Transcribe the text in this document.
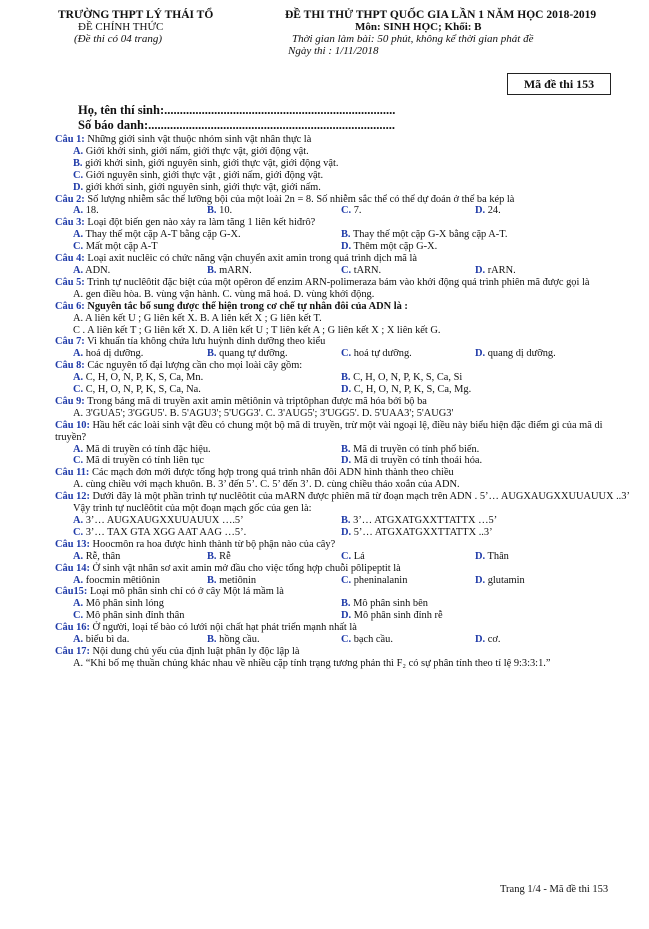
TRƯỜNG THPT LÝ THÁI TỔ
ĐỀ CHÍNH THỨC
(Đề thi có 04 trang)
ĐỀ THI THỬ THPT QUỐC GIA LẦN 1 NĂM HỌC 2018-2019
Môn: SINH HỌC; Khối: B
Thời gian làm bài: 50 phút, không kể thời gian phát đề
Ngày thi : 1/11/2018
Mã đề thi 153
Họ, tên thí sinh:..........................................................................
Số báo danh:...............................................................................
Câu 1: Những giới sinh vật thuộc nhóm sinh vật nhân thực là
A. Giới khởi sinh, giới nấm, giới thực vật, giới động vật.
B. giới khởi sinh, giới nguyên sinh, giới thực vật, giới động vật.
C. Giới nguyên sinh, giới thực vật , giới nấm, giới động vật.
D. giới khởi sinh, giới nguyên sinh, giới thực vật, giới nấm.
Câu 2: Số lượng nhiễm sắc thể lưỡng bội của một loài 2n = 8. Số nhiễm sắc thể có thể dự đoán ở thể ba kép là
A. 18.	B. 10.	C. 7.	D. 24.
Câu 3: Loại đột biến gen nào xảy ra làm tăng 1 liên kết hiđrô?
A. Thay thế một cặp A-T bằng cặp G-X.	B. Thay thế một cặp G-X bằng cặp A-T.
C. Mất một cặp A-T	D. Thêm một cặp G-X.
Câu 4: Loại axit nuclêic có chức năng vận chuyển axit amin trong quá trình dịch mã là
A. ADN.	B. mARN.	C. tARN.	D. rARN.
Câu 5: Trình tự nuclêôtit đặc biệt của một opêron để enzim ARN-polimeraza bám vào khởi động quá trình phiên mã được gọi là
A. gen điều hòa. B. vùng vận hành. C. vùng mã hoá. D. vùng khởi động.
Câu 6: Nguyên tắc bổ sung được thể hiện trong cơ chế tự nhân đôi của ADN là :
A. A liên kết U ; G liên kết X. B. A liên kết X ; G liên kết T.
C . A liên kết T ; G liên kết X. D. A liên kết U ; T liên kết A ; G liên kết X ; X liên kết G.
Câu 7: Vi khuẩn tía không chứa lưu huỳnh dinh dưỡng theo kiểu
A. hoá dị dưỡng.	B. quang tự dưỡng.	C. hoá tự dưỡng.	D. quang dị dưỡng.
Câu 8: Các nguyên tố đại lượng cần cho mọi loài cây gồm:
A. C, H, O, N, P, K, S, Ca, Mn.	B. C, H, O, N, P, K, S, Ca, Si
C. C, H, O, N, P, K, S, Ca, Na.	D. C, H, O, N, P, K, S, Ca, Mg.
Câu 9: Trong bảng mã di truyền axit amin mêtiônin và triptôphan được mã hóa bởi bộ ba
A. 3'GUA5'; 3'GGU5'. B. 5'AGU3'; 5'UGG3'. C. 3'AUG5'; 3'UGG5'. D. 5'UAA3'; 5'AUG3'
Câu 10: Hầu hết các loài sinh vật đều có chung một bộ mã di truyền, trừ một vài ngoại lệ, điều này biểu hiện đặc điểm gì của mã di truyền?
A. Mã di truyền có tính đặc hiệu.	B. Mã di truyền có tính phổ biến.
C. Mã di truyền có tính liên tục	D. Mã di truyền có tính thoái hóa.
Câu 11: Các mạch đơn mới được tổng hợp trong quá trình nhân đôi ADN hình thành theo chiều
A. cùng chiều với mạch khuôn. B. 3’ đến 5’. C. 5’ đến 3’. D. cùng chiều tháo xoắn của ADN.
Câu 12: Dưới đây là một phần trình tự nuclêôtit của mARN được phiên mã từ đoạn mạch trên ADN . 5’… AUGXAUGXXUUAUUX ..3’
Vậy trình tự nuclêôtit của một đoạn mạch gốc của gen là:
A. 3’… AUGXAUGXXUUAUUX ….5’	B. 3’… ATGXATGXXTTATTX …5’
C. 3’… TAX GTA XGG AAT AAG …5’.	D. 5’… ATGXATGXXTTATTX ..3’
Câu 13: Hoocmôn ra hoa được hình thành từ bộ phận nào của cây?
A. Rễ, thân	B. Rễ	C. Lá	D. Thân
Câu 14: Ở sinh vật nhân sơ axit amin mở đầu cho việc tổng hợp chuỗi pôlipeptit là
A. foocmin mêtiônin	B. metiônin	C. pheninalanin	D. glutamin
Câu15: Loại mô phân sinh chỉ có ở cây Một lá mầm là
A. Mô phân sinh lóng	B. Mô phân sinh bên
C. Mô phân sinh đỉnh thân	D. Mô phân sinh đỉnh rễ
Câu 16: Ở người, loại tế bào có lưới nội chất hạt phát triển mạnh nhất là
A. biểu bì da.	B. hồng cầu.	C. bạch cầu.	D. cơ.
Câu 17: Nội dung chủ yếu của định luật phân ly độc lập là
A. “Khi bố mẹ thuần chủng khác nhau về nhiều cặp tính trạng tương phản thì F₂ có sự phân tính theo tỉ lệ 9:3:3:1.”
Trang 1/4 - Mã đề thi 153
